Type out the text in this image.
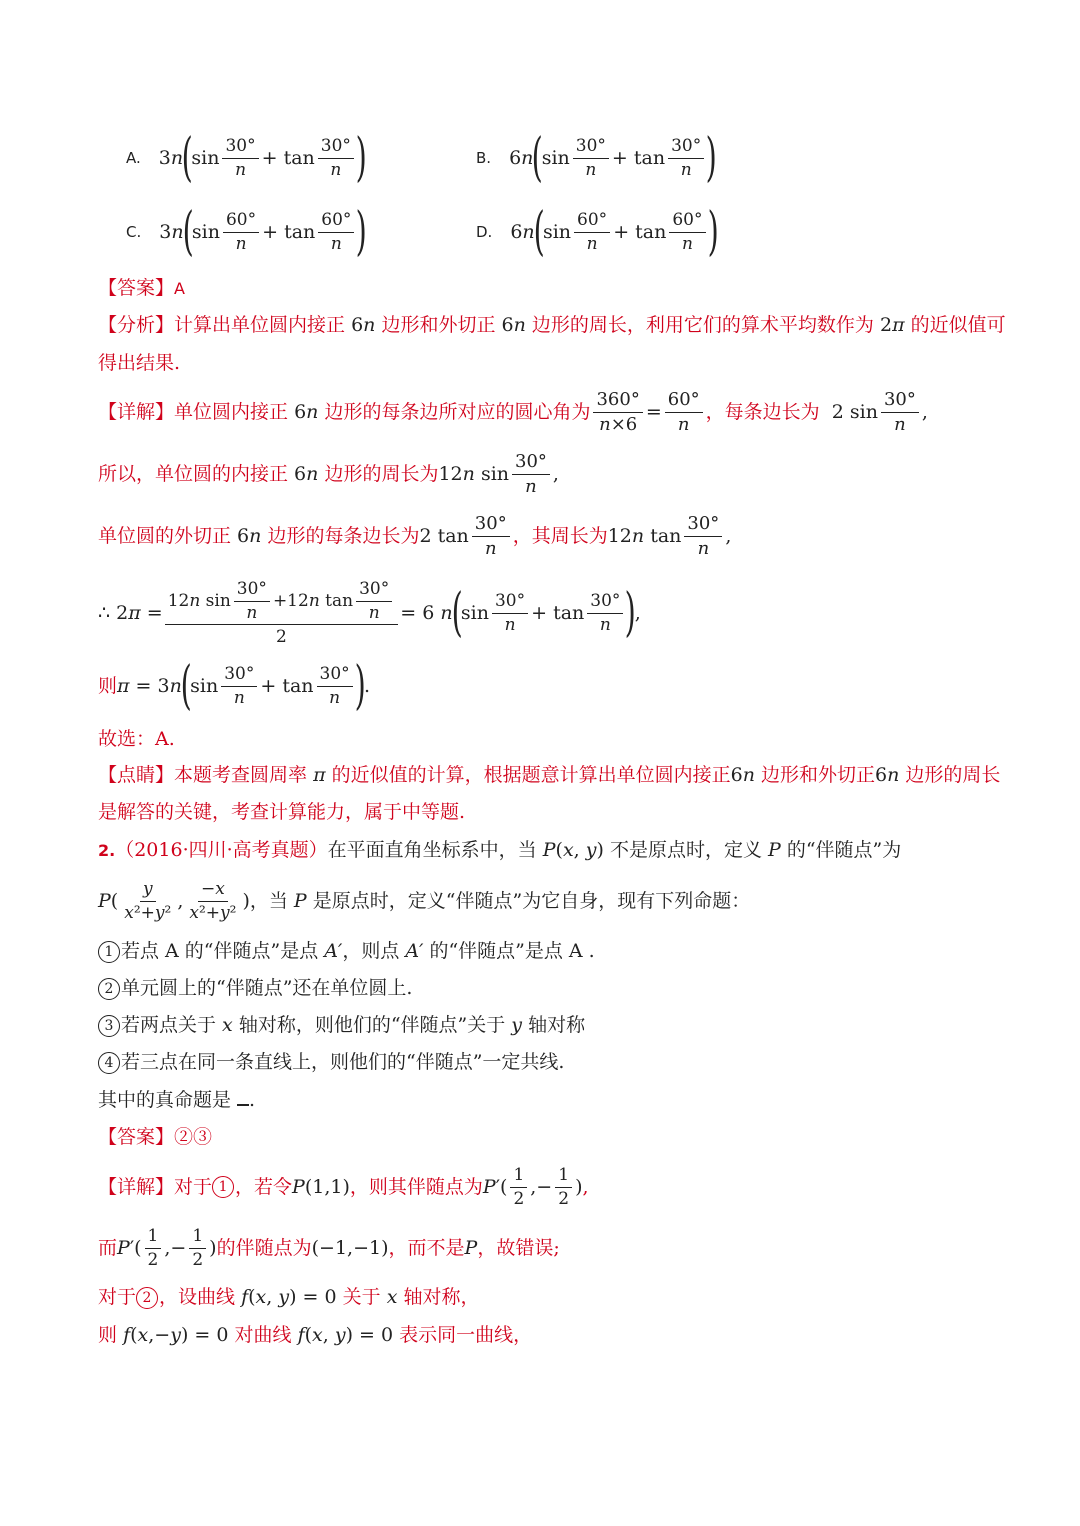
A. 3 n
(
$\sin \frac{30^\circ}{n} + \tan \frac{30^\circ}{n}$ )	B. 6 n
(
$\sin \frac{30^\circ}{n} + \tan \frac{30^\circ}{n}$ )
C. 3 n
(
$\sin \frac{60^\circ}{n} + \tan \frac{60^\circ}{n}$ )	D. 6 n
(
$\sin \frac{60^\circ}{n} + \tan \frac{60^\circ}{n}$ )
【答案】A
【分析】计算出单位圆内接正 6n 边形和外切正 6n 边形的周长，利用它们的算术平均数作为 2π 的近似值可
得出结果.
【详解】 单位圆内接正 6n 边形的每条边所对应的圆心角为 $\frac{360^\circ}{n\times 6} = \frac{60^\circ}{n}$ ，每条边长为 2 $\sin \frac{30^\circ}{n}$ ,
所以，单位圆的内接正 6n 边形的周长为 12n $\sin \frac{30^\circ}{n}$ ,
单位圆的外切正 6n 边形的每条边长为 2 $\tan \frac{30^\circ}{n}$ ，其周长为 12n $\tan \frac{30^\circ}{n}$ ,
∴ $2\pi = \frac{12 n \sin \frac{30^\circ}{n} +12 n \tan \frac{30^\circ}{n}}{2} = 6$ n
(
$\sin \frac{30^\circ}{n} + \tan \frac{30^\circ}{n}$ )
,
则 π = 3n
(
$\sin \frac{30^\circ}{n} + \tan \frac{30^\circ}{n}$ )
.
故选：A.
【点睛】本题考查圆周率 π 的近似值的计算，根据题意计算出单位圆内接正6n 边形和外切正6n 边形的周长
是解答的关键，考查计算能力，属于中等题.
2.（2016·四川·高考真题）在平面直角坐标系中，当 P(x, y) 不是原点时，定义 P 的“伴随点”为
P ( $\frac{y}{\text{x²+y²}}$ , $\frac{-x}{\text{x²+y²}}$ ) ，当 P 是原点时，定义“伴随点”为它自身，现有下列命题：
1 若点 A 的“伴随点”是点 A′，则点 A′ 的“伴随点”是点 A .
2 单元圆上的“伴随点”还在单位圆上.
3 若两点关于 x 轴对称，则他们的“伴随点”关于 y 轴对称
4 若三点在同一条直线上，则他们的“伴随点”一定共线.
其中的真命题是 .
【答案】②③
【详解】 对于 1 ，若令 P(1,1) ，则其伴随点为 $P'( \frac{1}{2}$ ,− $\frac{1}{2}$ ) ,
而 $P'( \frac{1}{2}$ ,− $\frac{1}{2}$ ) 的伴随点为 (−1,−1) ，而不是 P ，故错误;
对于 2 ，设曲线 f(x, y) = 0 关于 x 轴对称，
则 f(x,−y) = 0 对曲线 f(x, y) = 0 表示同一曲线，
